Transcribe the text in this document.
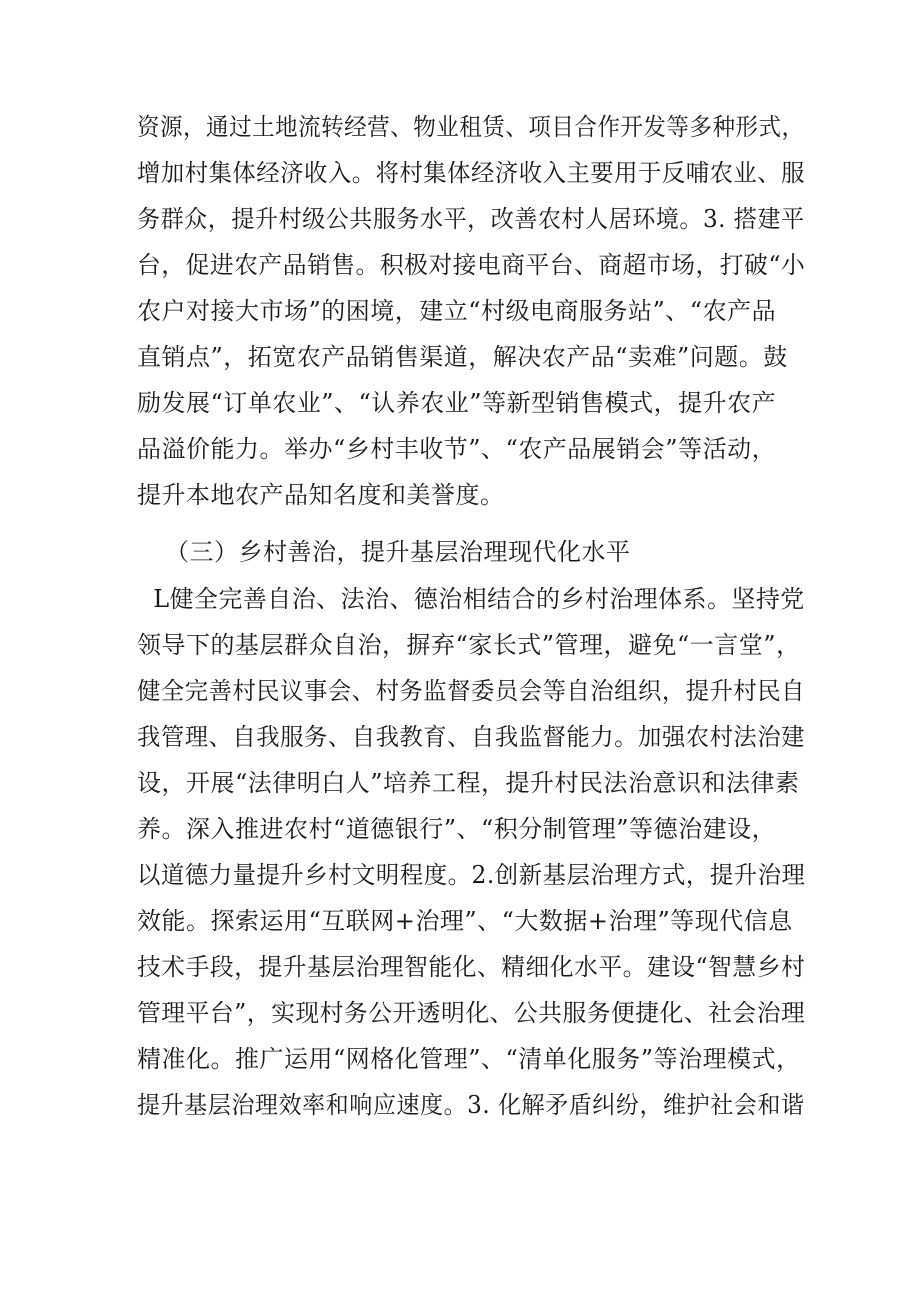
资源，通过土地流转经营、物业租赁、项目合作开发等多种形式，
增加村集体经济收入。将村集体经济收入主要用于反哺农业、服
务群众，提升村级公共服务水平，改善农村人居环境。3. 搭建平
台，促进农产品销售。积极对接电商平台、商超市场，打破“小
农户对接大市场”的困境，建立“村级电商服务站”、“农产品
直销点”，拓宽农产品销售渠道，解决农产品“卖难”问题。鼓
励发展“订单农业”、“认养农业”等新型销售模式，提升农产
品溢价能力。举办“乡村丰收节”、“农产品展销会”等活动，
提升本地农产品知名度和美誉度。
（三）乡村善治，提升基层治理现代化水平
L健全完善自治、法治、德治相结合的乡村治理体系。坚持党
领导下的基层群众自治，摒弃“家长式”管理，避免“一言堂”，
健全完善村民议事会、村务监督委员会等自治组织，提升村民自
我管理、自我服务、自我教育、自我监督能力。加强农村法治建
设，开展“法律明白人”培养工程，提升村民法治意识和法律素
养。深入推进农村“道德银行”、“积分制管理”等德治建设，
以道德力量提升乡村文明程度。2.创新基层治理方式，提升治理
效能。探索运用“互联网+治理”、“大数据+治理”等现代信息
技术手段，提升基层治理智能化、精细化水平。建设“智慧乡村
管理平台”，实现村务公开透明化、公共服务便捷化、社会治理
精准化。推广运用“网格化管理”、“清单化服务”等治理模式，
提升基层治理效率和响应速度。3. 化解矛盾纠纷，维护社会和谐
